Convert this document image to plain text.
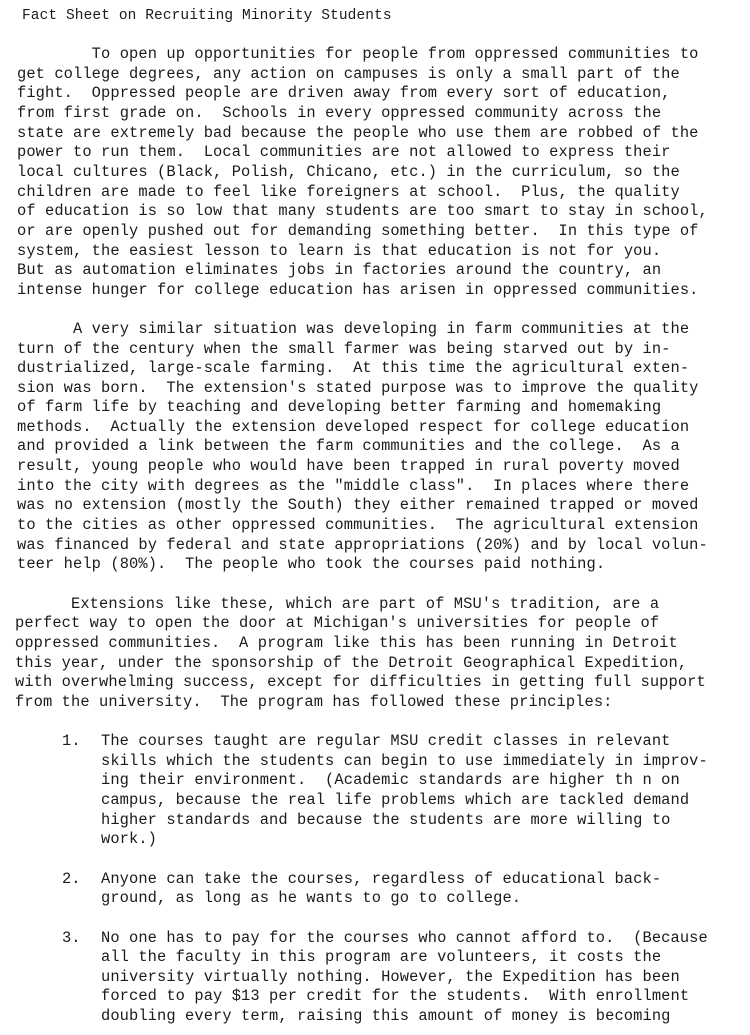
Fact Sheet on Recruiting Minority Students
To open up opportunities for people from oppressed communities to
get college degrees, any action on campuses is only a small part of the
fight.  Oppressed people are driven away from every sort of education,
from first grade on.  Schools in every oppressed community across the
state are extremely bad because the people who use them are robbed of the
power to run them.  Local communities are not allowed to express their
local cultures (Black, Polish, Chicano, etc.) in the curriculum, so the
children are made to feel like foreigners at school.  Plus, the quality
of education is so low that many students are too smart to stay in school,
or are openly pushed out for demanding something better.  In this type of
system, the easiest lesson to learn is that education is not for you.
But as automation eliminates jobs in factories around the country, an
intense hunger for college education has arisen in oppressed communities.
A very similar situation was developing in farm communities at the
turn of the century when the small farmer was being starved out by in-
dustrialized, large-scale farming.  At this time the agricultural exten-
sion was born.  The extension's stated purpose was to improve the quality
of farm life by teaching and developing better farming and homemaking
methods.  Actually the extension developed respect for college education
and provided a link between the farm communities and the college.  As a
result, young people who would have been trapped in rural poverty moved
into the city with degrees as the "middle class".  In places where there
was no extension (mostly the South) they either remained trapped or moved
to the cities as other oppressed communities.  The agricultural extension
was financed by federal and state appropriations (20%) and by local volun-
teer help (80%).  The people who took the courses paid nothing.
Extensions like these, which are part of MSU's tradition, are a
perfect way to open the door at Michigan's universities for people of
oppressed communities.  A program like this has been running in Detroit
this year, under the sponsorship of the Detroit Geographical Expedition,
with overwhelming success, except for difficulties in getting full support
from the university.  The program has followed these principles:
1. The courses taught are regular MSU credit classes in relevant
skills which the students can begin to use immediately in improv-
ing their environment.  (Academic standards are higher th n on
campus, because the real life problems which are tackled demand
higher standards and because the students are more willing to
work.)
2. Anyone can take the courses, regardless of educational back-
ground, as long as he wants to go to college.
3. No one has to pay for the courses who cannot afford to.  (Because
all the faculty in this program are volunteers, it costs the
university virtually nothing. However, the Expedition has been
forced to pay $13 per credit for the students.  With enrollment
doubling every term, raising this amount of money is becoming
